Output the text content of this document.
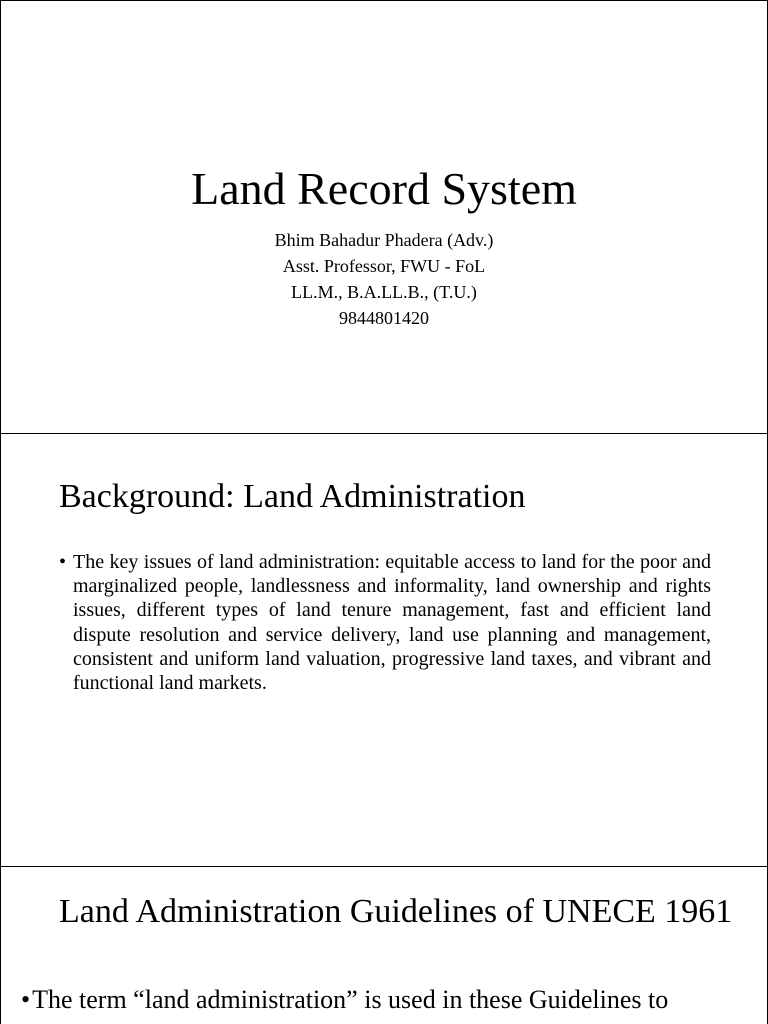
Land Record System
Bhim Bahadur Phadera (Adv.)
Asst. Professor, FWU - FoL
LL.M., B.A.LL.B., (T.U.)
9844801420
Background: Land Administration
• The key issues of land administration: equitable access to land for the poor and marginalized people, landlessness and informality, land ownership and rights issues, different types of land tenure management, fast and efficient land dispute resolution and service delivery, land use planning and management, consistent and uniform land valuation, progressive land taxes, and vibrant and functional land markets.
Land Administration Guidelines of UNECE 1961
•The term “land administration” is used in these Guidelines to
